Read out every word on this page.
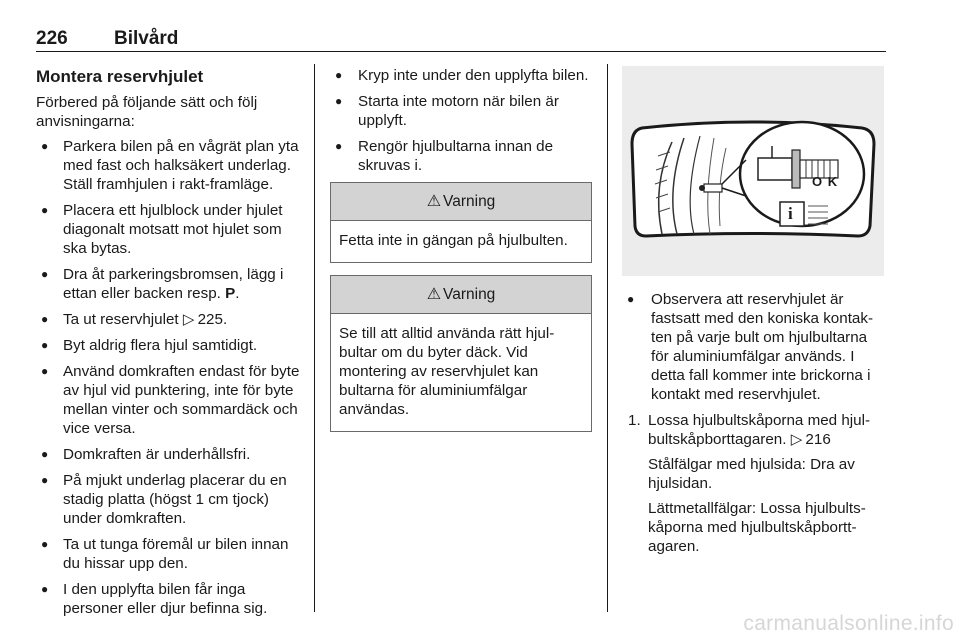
226 Bilvård
Montera reservhjulet
Förbered på följande sätt och följ anvisningarna:
● Parkera bilen på en vågrät plan yta med fast och halksäkert underlag. Ställ framhjulen i rakt-framläge.
● Placera ett hjulblock under hjulet diagonalt motsatt mot hjulet som ska bytas.
● Dra åt parkeringsbromsen, lägg i ettan eller backen resp. P.
● Ta ut reservhjulet ▷  225.
● Byt aldrig flera hjul samtidigt.
● Använd domkraften endast för byte av hjul vid punktering, inte för byte mellan vinter och sommardäck och vice versa.
● Domkraften är underhållsfri.
● På mjukt underlag placerar du en stadig platta (högst 1 cm tjock) under domkraften.
● Ta ut tunga föremål ur bilen innan du hissar upp den.
● I den upplyfta bilen får inga personer eller djur befinna sig.
● Kryp inte under den upplyfta bilen.
● Starta inte motorn när bilen är upplyft.
● Rengör hjulbultarna innan de skruvas i.
⚠ Varning
Fetta inte in gängan på hjulbulten.
⚠ Varning
Se till att alltid använda rätt hjul-bultar om du byter däck. Vid montering av reservhjulet kan bultarna för aluminiumfälgar användas.
O K
i
● Observera att reservhjulet är fastsatt med den koniska kontak-ten på varje bult om hjulbultarna för aluminiumfälgar används. I detta fall kommer inte brickorna i kontakt med reservhjulet.
1. Lossa hjulbultskåporna med hjul-bultskåpborttagaren. ▷  216

Stålfälgar med hjulsida: Dra av hjulsidan.

Lättmetallfälgar: Lossa hjulbults-kåporna med hjulbultskåpbortt-agaren.

carmanualsonline.info
